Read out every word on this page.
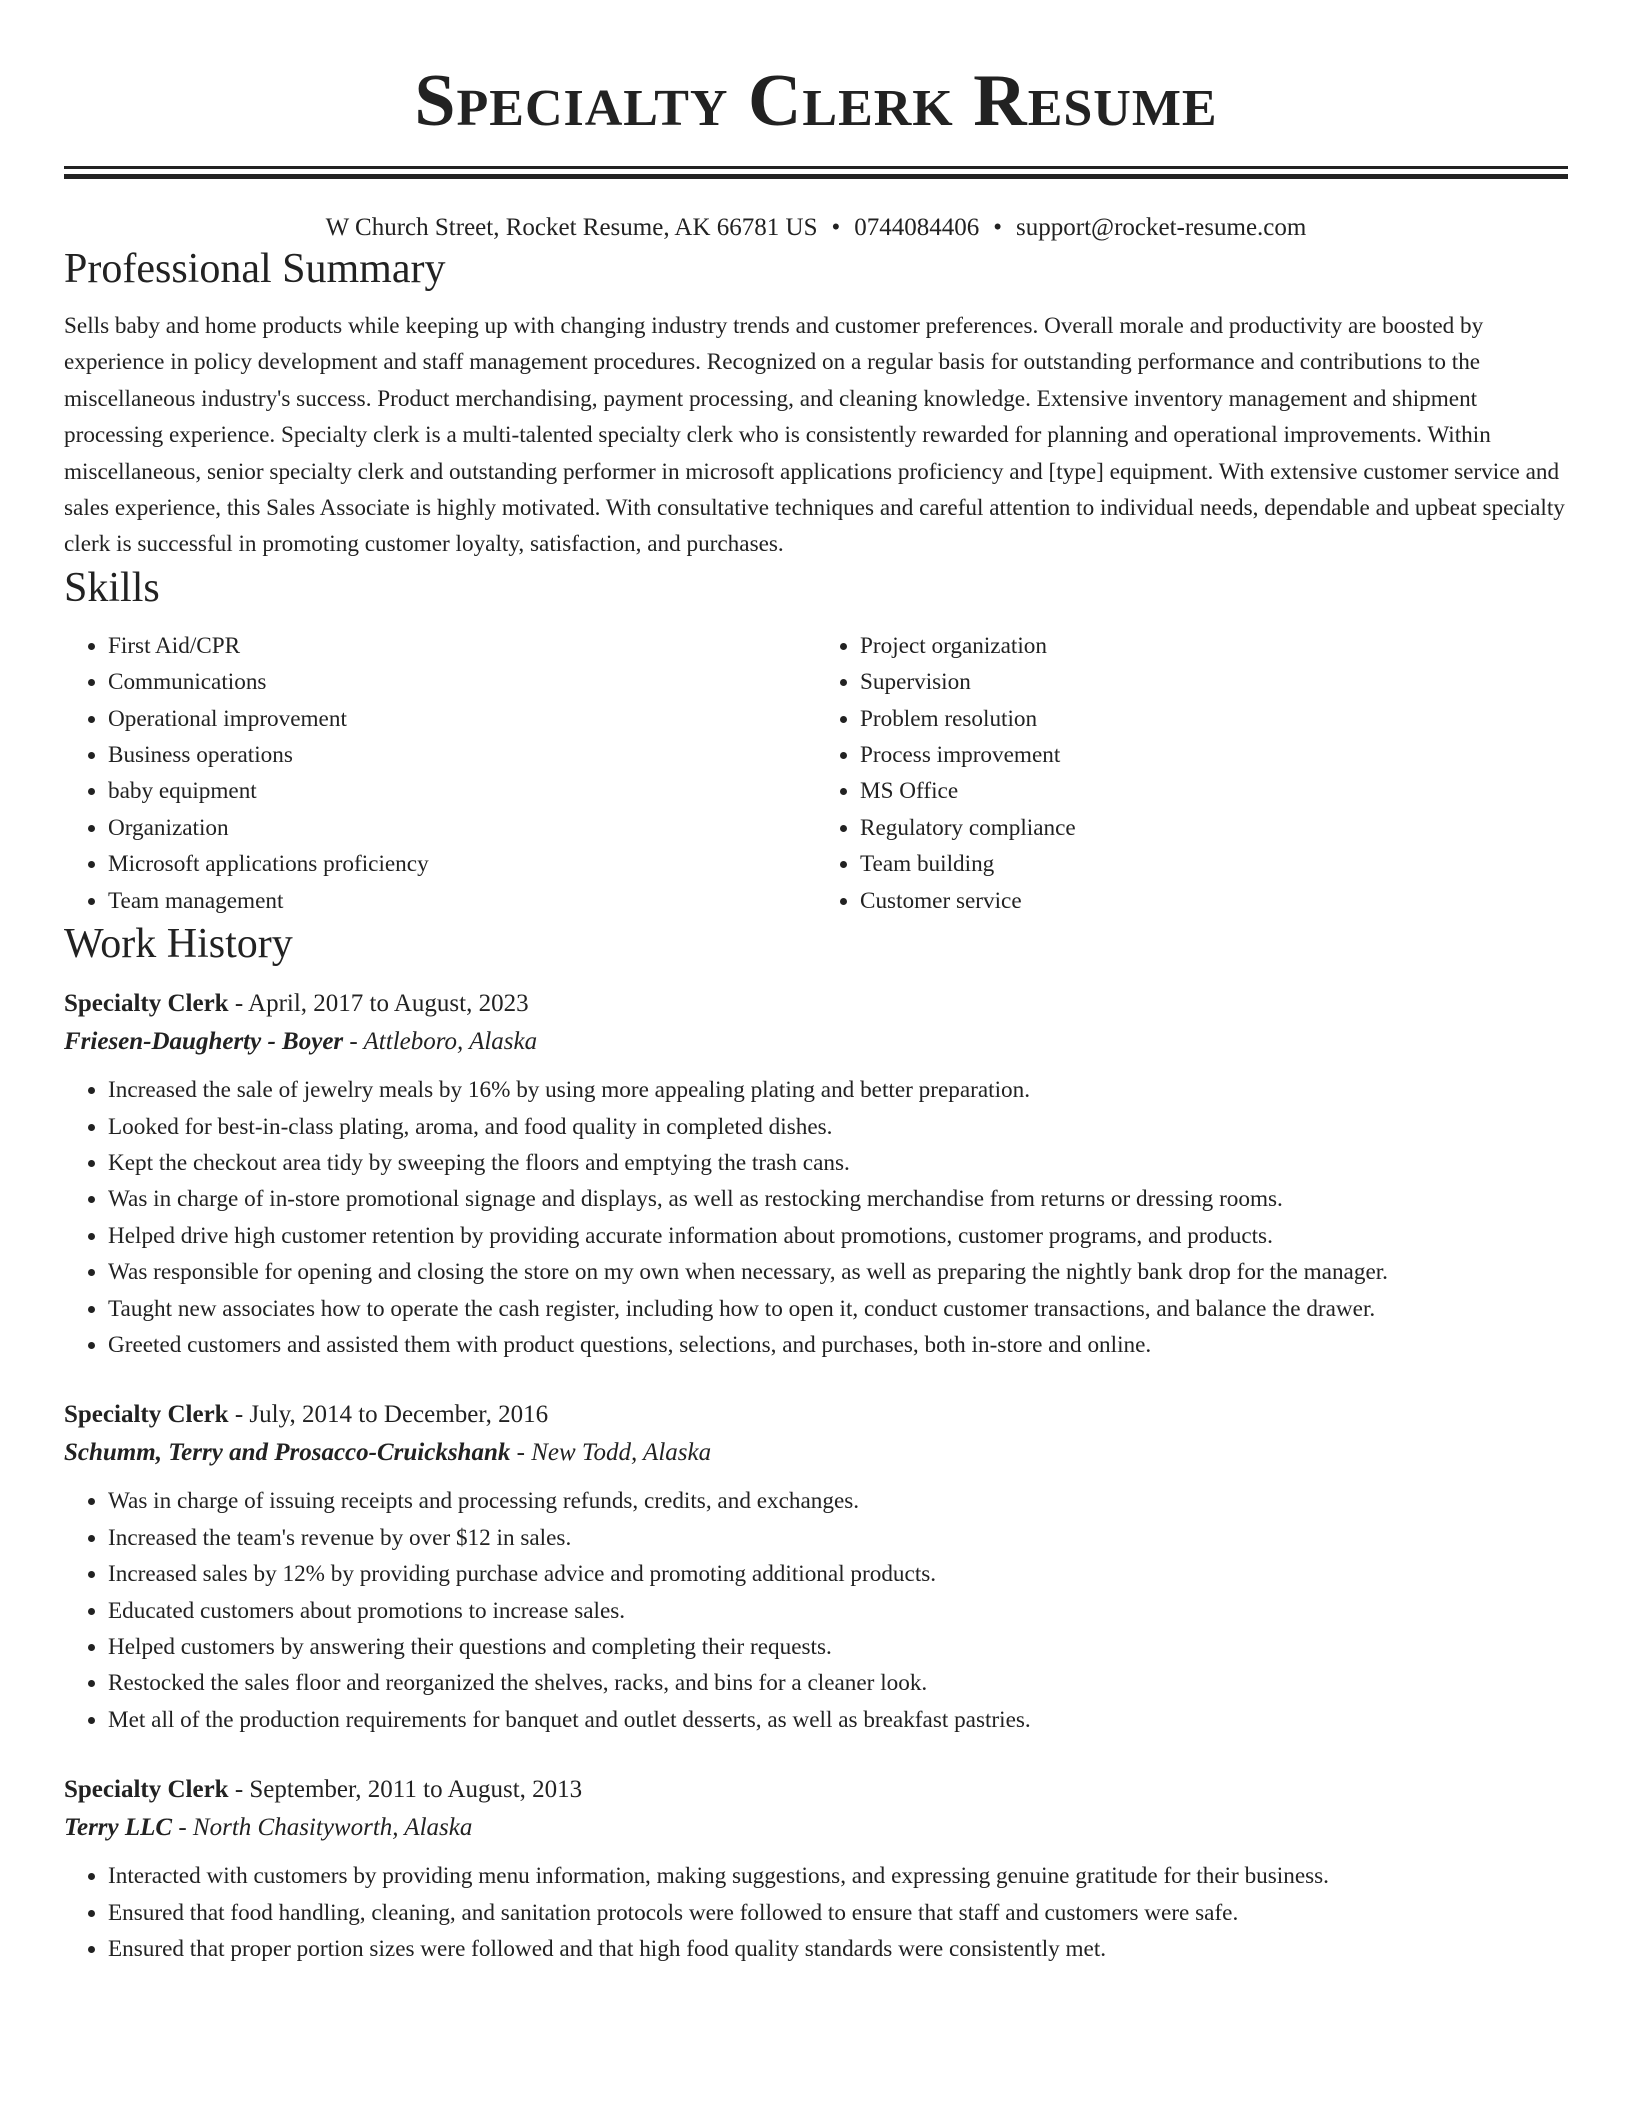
Specialty Clerk Resume
W Church Street, Rocket Resume, AK 66781 US • 0744084406 • support@rocket-resume.com
Professional Summary

Sells baby and home products while keeping up with changing industry trends and customer preferences. Overall morale and productivity are boosted by experience in policy development and staff management procedures. Recognized on a regular basis for outstanding performance and contributions to the miscellaneous industry's success. Product merchandising, payment processing, and cleaning knowledge. Extensive inventory management and shipment processing experience. Specialty clerk is a multi-talented specialty clerk who is consistently rewarded for planning and operational improvements. Within miscellaneous, senior specialty clerk and outstanding performer in microsoft applications proficiency and [type] equipment. With extensive customer service and sales experience, this Sales Associate is highly motivated. With consultative techniques and careful attention to individual needs, dependable and upbeat specialty clerk is successful in promoting customer loyalty, satisfaction, and purchases.

Skills
• First Aid/CPR
• Communications
• Operational improvement
• Business operations
• baby equipment
• Organization
• Microsoft applications proficiency
• Team management
• Project organization
• Supervision
• Problem resolution
• Process improvement
• MS Office
• Regulatory compliance
• Team building
• Customer service
Work History
Specialty Clerk - April, 2017 to August, 2023
Friesen-Daugherty - Boyer - Attleboro, Alaska
• Increased the sale of jewelry meals by 16% by using more appealing plating and better preparation.
• Looked for best-in-class plating, aroma, and food quality in completed dishes.
• Kept the checkout area tidy by sweeping the floors and emptying the trash cans.
• Was in charge of in-store promotional signage and displays, as well as restocking merchandise from returns or dressing rooms.
• Helped drive high customer retention by providing accurate information about promotions, customer programs, and products.
• Was responsible for opening and closing the store on my own when necessary, as well as preparing the nightly bank drop for the manager.
• Taught new associates how to operate the cash register, including how to open it, conduct customer transactions, and balance the drawer.
• Greeted customers and assisted them with product questions, selections, and purchases, both in-store and online.
Specialty Clerk - July, 2014 to December, 2016
Schumm, Terry and Prosacco-Cruickshank - New Todd, Alaska
• Was in charge of issuing receipts and processing refunds, credits, and exchanges.
• Increased the team's revenue by over $12 in sales.
• Increased sales by 12% by providing purchase advice and promoting additional products.
• Educated customers about promotions to increase sales.
• Helped customers by answering their questions and completing their requests.
• Restocked the sales floor and reorganized the shelves, racks, and bins for a cleaner look.
• Met all of the production requirements for banquet and outlet desserts, as well as breakfast pastries.
Specialty Clerk - September, 2011 to August, 2013
Terry LLC - North Chasityworth, Alaska
• Interacted with customers by providing menu information, making suggestions, and expressing genuine gratitude for their business.
• Ensured that food handling, cleaning, and sanitation protocols were followed to ensure that staff and customers were safe.
• Ensured that proper portion sizes were followed and that high food quality standards were consistently met.
